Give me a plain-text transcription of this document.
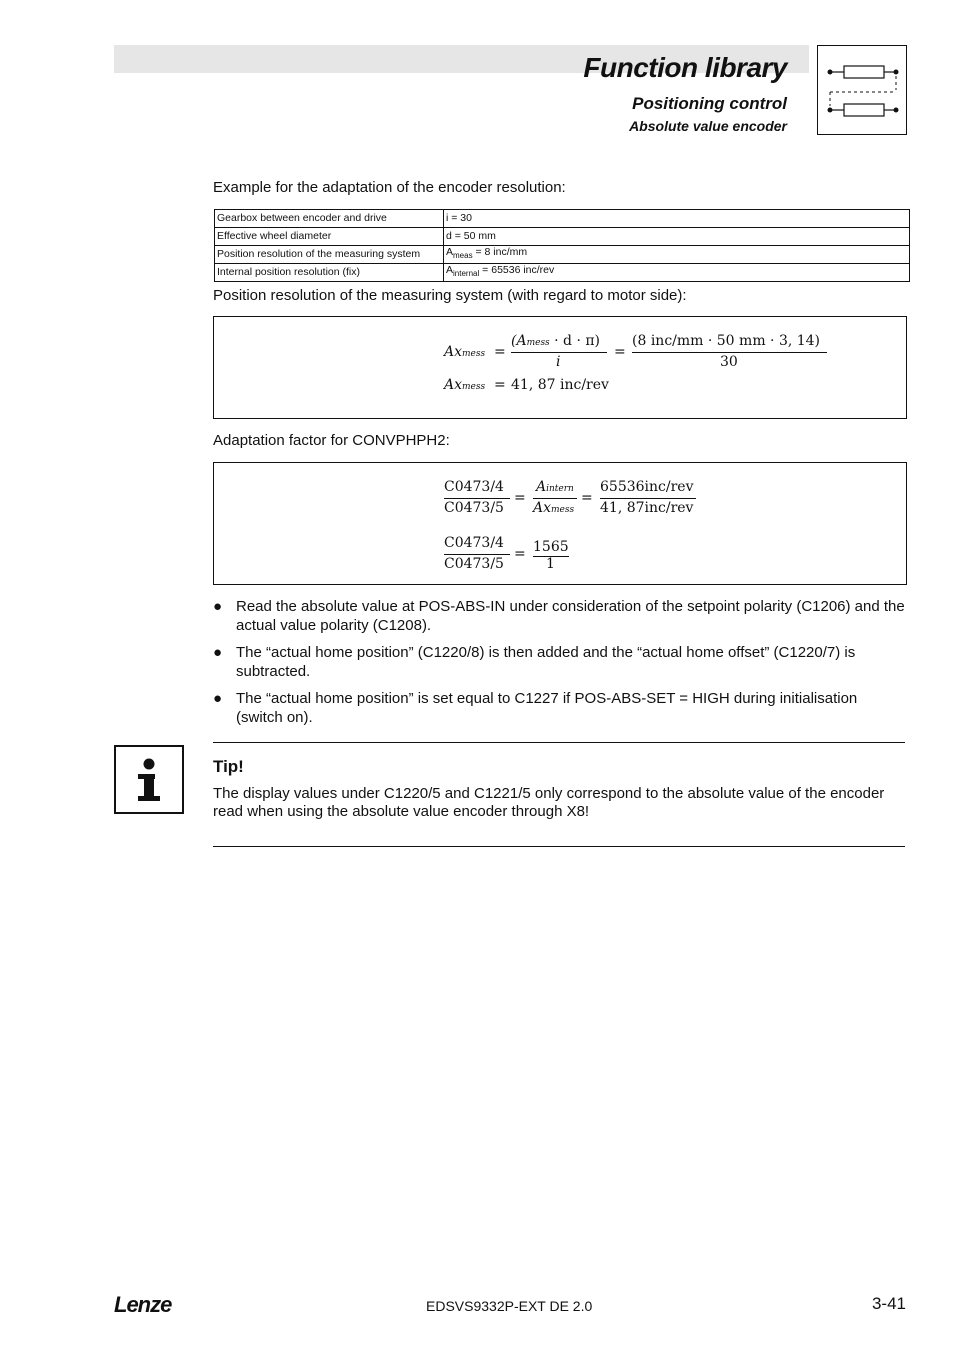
Function library
Positioning control
Absolute value encoder
Example for the adaptation of the encoder resolution:
Gearbox between encoder and drive	i = 30
Effective wheel diameter	d = 50 mm
Position resolution of the measuring system	$A_{meas} = 8$ inc/mm
Internal position resolution (fix)	$A_{internal} = 65536$ inc/rev
Position resolution of the measuring system (with regard to motor side):
Axmess =
(Amess · d · π)
i
=
(8 inc/mm · 50 mm · 3, 14)
30
Axmess = 41, 87 inc/rev
Adaptation factor for CONVPHPH2:
C0473/4
C0473/5
=
Aintern
Axmess
=
65536inc/rev
41, 87inc/rev
C0473/4
C0473/5
= 1565
1
● Read the absolute value at POS-ABS-IN under consideration of the setpoint polarity (C1206) and the actual value polarity (C1208).
● The “actual home position” (C1220/8) is then added and the “actual home offset” (C1220/7) is subtracted.
● The “actual home position” is set equal to C1227 if POS-ABS-SET = HIGH during initialisation (switch on).
Tip!
The display values under C1220/5 and C1221/5 only correspond to the absolute value of the encoder read when using the absolute value encoder through X8!
Lenze	EDSVS9332P-EXT DE 2.0	3-41
